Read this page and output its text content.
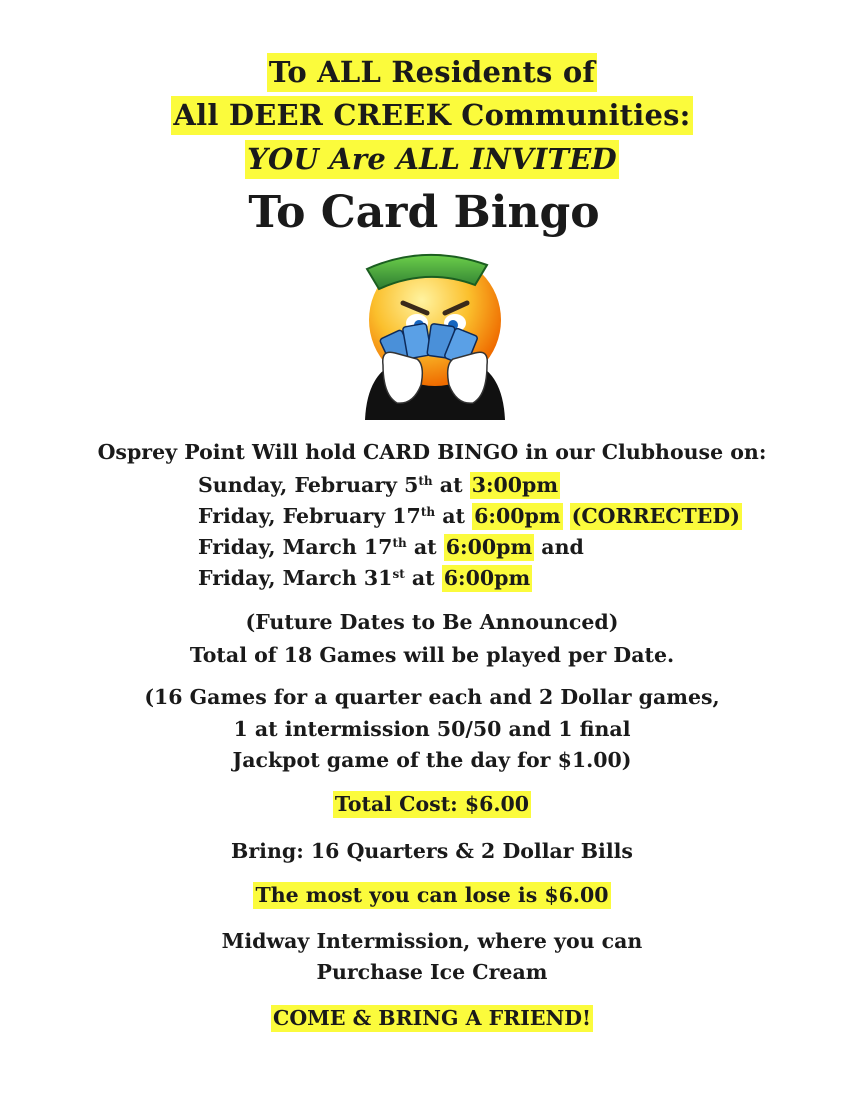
To ALL Residents of
All DEER CREEK Communities:
YOU Are ALL INVITED
To Card Bingo
Osprey Point Will hold CARD BINGO in our Clubhouse on:
Sunday, February 5th at 3:00pm
Friday, February 17th at 6:00pm (CORRECTED)
Friday, March 17th at 6:00pm and
Friday, March 31st at 6:00pm
(Future Dates to Be Announced)
Total of 18 Games will be played per Date.
(16 Games for a quarter each and 2 Dollar games,
1 at intermission 50/50 and 1 final
Jackpot game of the day for $1.00)
Total Cost: $6.00
Bring: 16 Quarters & 2 Dollar Bills
The most you can lose is $6.00
Midway Intermission, where you can
Purchase Ice Cream
COME & BRING A FRIEND!
